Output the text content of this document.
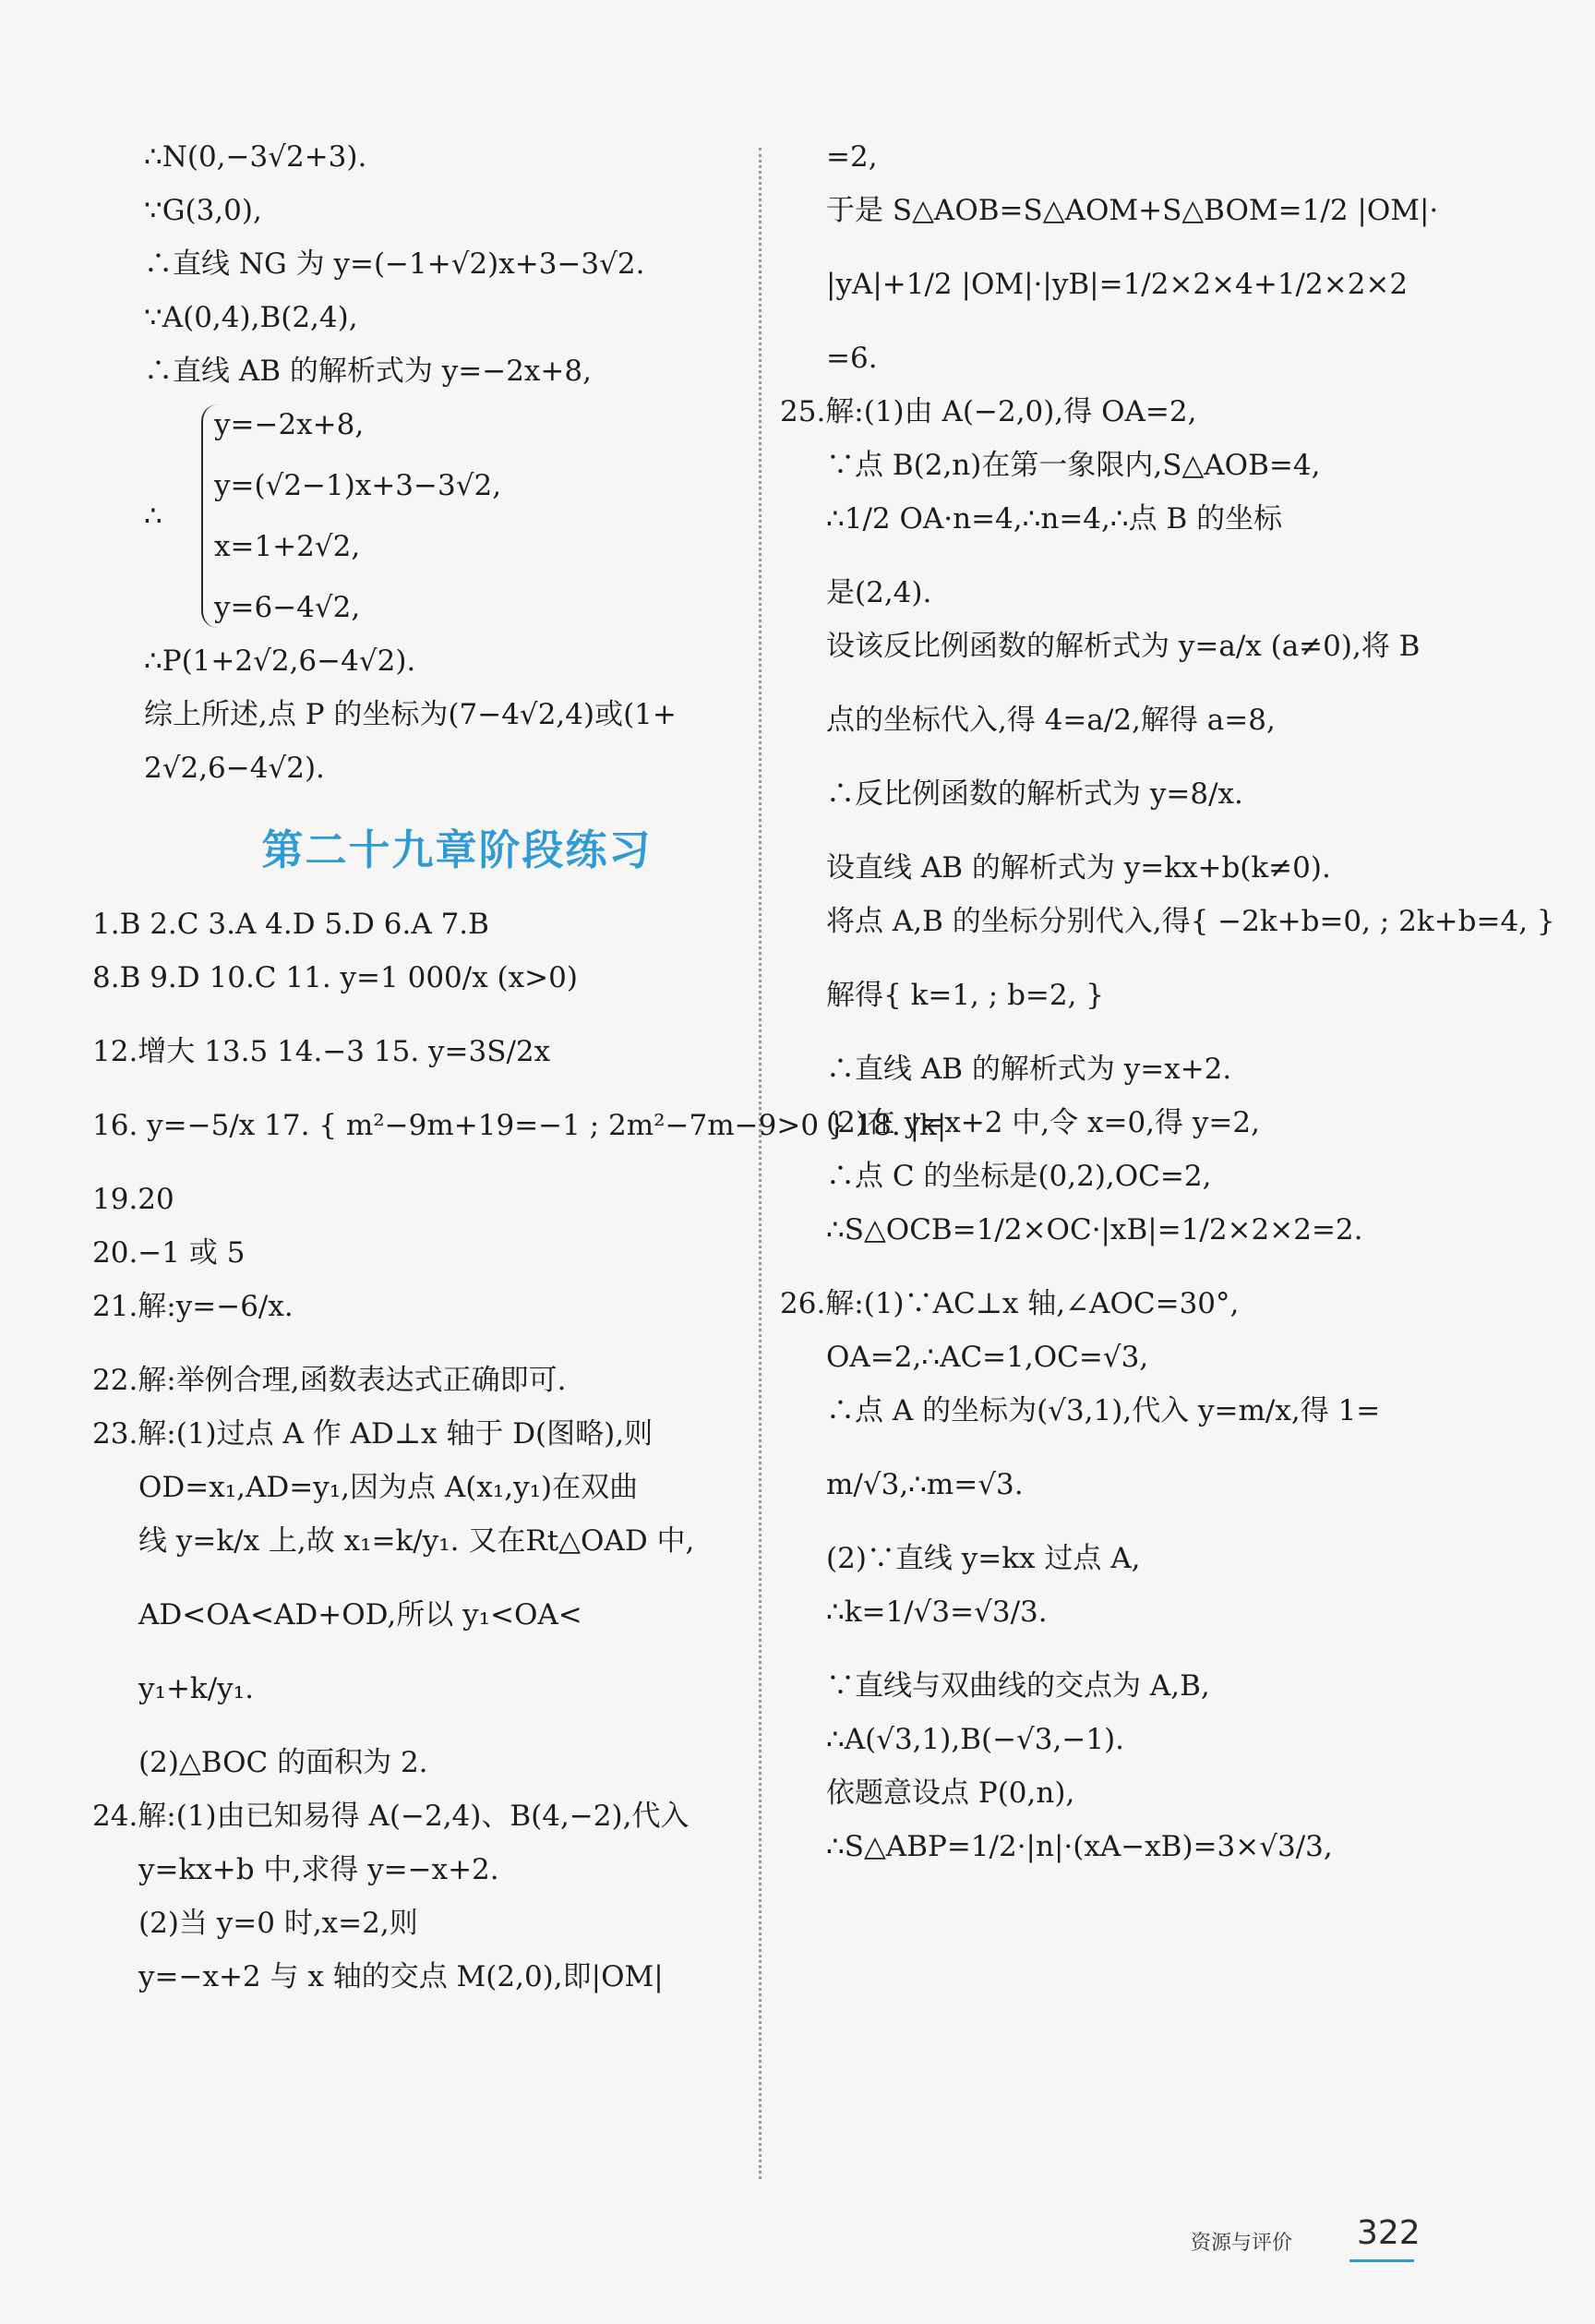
∴N(0,−3√2+3).
∵G(3,0),
∴直线 NG 为 y=(−1+√2)x+3−3√2.
∵A(0,4),B(2,4),
∴直线 AB 的解析式为 y=−2x+8,
∴
y=−2x+8,
y=(√2−1)x+3−3√2,
x=1+2√2,
y=6−4√2,
∴P(1+2√2,6−4√2).
综上所述,点 P 的坐标为(7−4√2,4)或(1+
2√2,6−4√2).
第二十九章阶段练习
1.B 2.C 3.A 4.D 5.D 6.A 7.B
8.B 9.D 10.C 11. y=1 000/x (x>0)
12.增大 13.5 14.−3 15. y=3S/2x
16. y=−5/x 17. { m²−9m+19=−1 ; 2m²−7m−9>0 } 18. |k|
19.20
20.−1 或 5
21.解:y=−6/x.
22.解:举例合理,函数表达式正确即可.
23.解:(1)过点 A 作 AD⊥x 轴于 D(图略),则
OD=x₁,AD=y₁,因为点 A(x₁,y₁)在双曲
线 y=k/x 上,故 x₁=k/y₁. 又在Rt△OAD 中,
AD<OA<AD+OD,所以 y₁<OA<
y₁+k/y₁.
(2)△BOC 的面积为 2.
24.解:(1)由已知易得 A(−2,4)、B(4,−2),代入
y=kx+b 中,求得 y=−x+2.
(2)当 y=0 时,x=2,则
y=−x+2 与 x 轴的交点 M(2,0),即|OM|
=2,
于是 S△AOB=S△AOM+S△BOM=1/2 |OM|·
|yA|+1/2 |OM|·|yB|=1/2×2×4+1/2×2×2
=6.
25.解:(1)由 A(−2,0),得 OA=2,
∵点 B(2,n)在第一象限内,S△AOB=4,
∴1/2 OA·n=4,∴n=4,∴点 B 的坐标
是(2,4).
设该反比例函数的解析式为 y=a/x (a≠0),将 B
点的坐标代入,得 4=a/2,解得 a=8,
∴反比例函数的解析式为 y=8/x.
设直线 AB 的解析式为 y=kx+b(k≠0).
将点 A,B 的坐标分别代入,得{ −2k+b=0, ; 2k+b=4, }
解得{ k=1, ; b=2, }
∴直线 AB 的解析式为 y=x+2.
(2)在 y=x+2 中,令 x=0,得 y=2,
∴点 C 的坐标是(0,2),OC=2,
∴S△OCB=1/2×OC·|xB|=1/2×2×2=2.
26.解:(1)∵AC⊥x 轴,∠AOC=30°,
OA=2,∴AC=1,OC=√3,
∴点 A 的坐标为(√3,1),代入 y=m/x,得 1=
m/√3,∴m=√3.
(2)∵直线 y=kx 过点 A,
∴k=1/√3=√3/3.
∵直线与双曲线的交点为 A,B,
∴A(√3,1),B(−√3,−1).
依题意设点 P(0,n),
∴S△ABP=1/2·|n|·(xA−xB)=3×√3/3,
资源与评价 322
